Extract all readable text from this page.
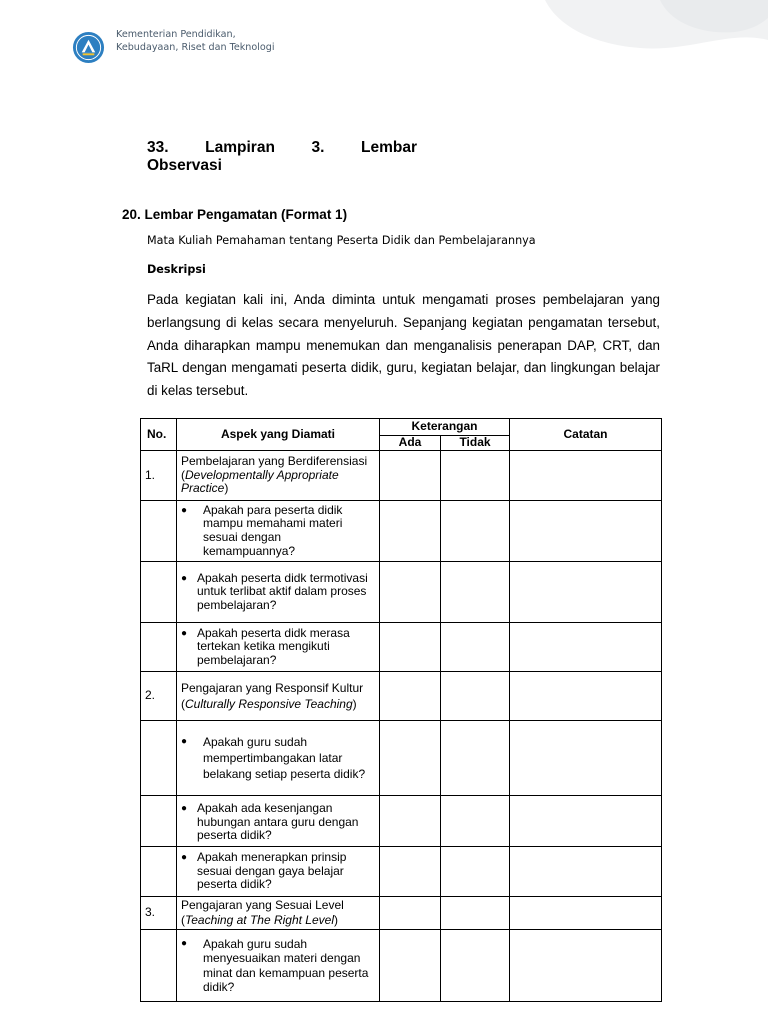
Kementerian Pendidikan,
Kebudayaan, Riset dan Teknologi
33. Lampiran 3. Lembar
Observasi
20. Lembar Pengamatan (Format 1)
Mata Kuliah Pemahaman tentang Peserta Didik dan Pembelajarannya
Deskripsi
Pada kegiatan kali ini, Anda diminta untuk mengamati proses pembelajaran yang berlangsung di kelas secara menyeluruh. Sepanjang kegiatan pengamatan tersebut, Anda diharapkan mampu menemukan dan menganalisis penerapan DAP, CRT, dan TaRL dengan mengamati peserta didik, guru, kegiatan belajar, dan lingkungan belajar di kelas tersebut.
No.	Aspek yang Diamati	Keterangan		Catatan
		Ada	Tidak	
1.	Pembelajaran yang Berdiferensiasi (Developmentally Appropriate Practice)			

	● Apakah para peserta didik mampu memahami materi sesuai dengan kemampuannya?			

	● Apakah peserta didk termotivasi untuk terlibat aktif dalam proses pembelajaran?			

	● Apakah peserta didk merasa tertekan ketika mengikuti pembelajaran?			

2.	Pengajaran yang Responsif Kultur (Culturally Responsive Teaching)			

	● Apakah guru sudah mempertimbangakan latar belakang setiap peserta didik?			

	● Apakah ada kesenjangan hubungan antara guru dengan peserta didik?			

	● Apakah menerapkan prinsip sesuai dengan gaya belajar peserta didik?			

3.	Pengajaran yang Sesuai Level (Teaching at The Right Level)			

	● Apakah guru sudah menyesuaikan materi dengan minat dan kemampuan peserta didik?			
